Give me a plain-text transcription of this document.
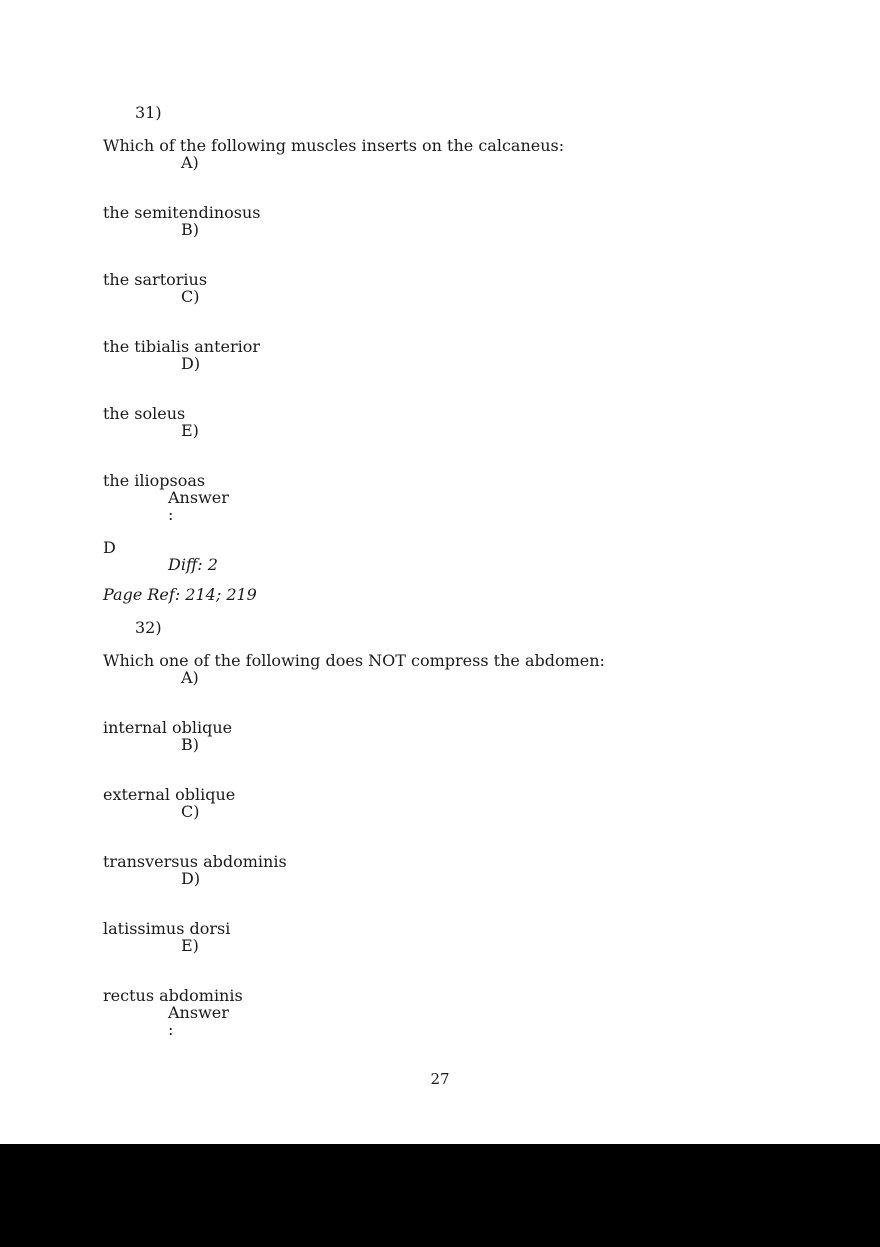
31)
Which of the following muscles inserts on the calcaneus:
A)
the semitendinosus
B)
the sartorius
C)
the tibialis anterior
D)
the soleus
E)
the iliopsoas
Answer
:
D
Diff: 2
Page Ref: 214; 219
32)
Which one of the following does NOT compress the abdomen:
A)
internal oblique
B)
external oblique
C)
transversus abdominis
D)
latissimus dorsi
E)
rectus abdominis
Answer
:
27
